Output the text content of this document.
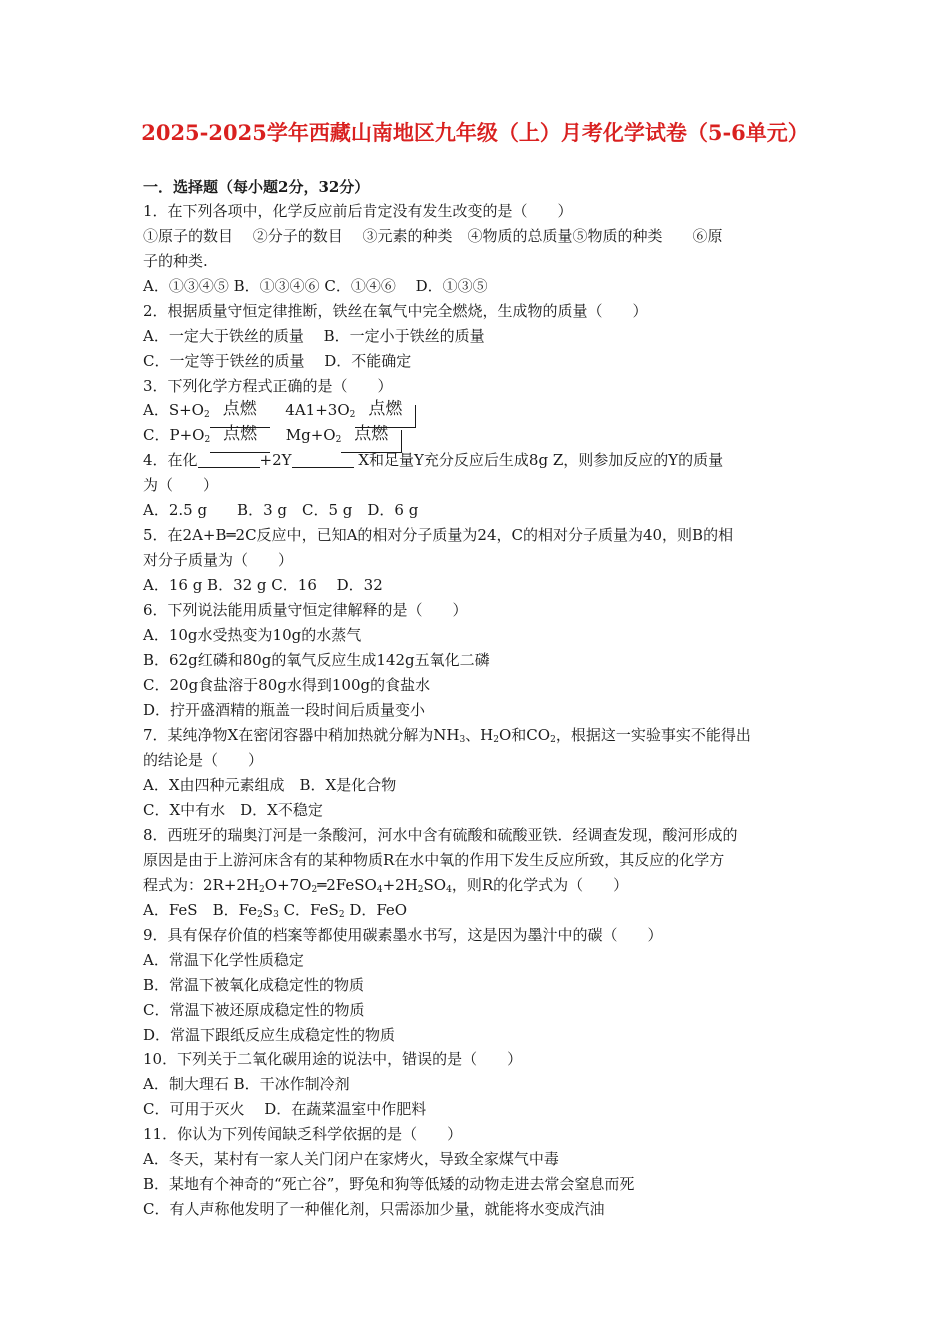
2025-2025学年西藏山南地区九年级（上）月考化学试卷（5-6单元）
一．选择题（每小题2分，32分）
1．在下列各项中，化学反应前后肯定没有发生改变的是（　　）
①原子的数目　 ②分子的数目　 ③元素的种类　④物质的总质量⑤物质的种类　　⑥原
子的种类.
A．①③④⑤ B．①③④⑥ C．①④⑥　 D．①③⑤
2．根据质量守恒定律推断，铁丝在氧气中完全燃烧，生成物的质量（　　）
A．一定大于铁丝的质量　 B．一定小于铁丝的质量
C．一定等于铁丝的质量　 D．不能确定
3．下列化学方程式正确的是（　　）
A．$S+O_2$ 点燃 $4A1+3O_2$ 点燃
C．$P+O_2$ 点燃 $Mg+O_2$ 点燃
4．在化	+2Y	X和足量Y充分反应后生成8g Z，则参加反应的Y的质量
为（　　）
A．2.5 g　　B．3 g　C．5 g　D．6 g
5．在2A+B═2C反应中，已知A的相对分子质量为24，C的相对分子质量为40，则B的相
对分子质量为（　　）
A．16 g B．32 g C．16　 D．32
6．下列说法能用质量守恒定律解释的是（　　）
A．10g水受热变为10g的水蒸气
B．62g红磷和80g的氧气反应生成142g五氧化二磷
C．20g食盐溶于80g水得到100g的食盐水
D．拧开盛酒精的瓶盖一段时间后质量变小
7．某纯净物X在密闭容器中稍加热就分解为$NH_3$、$H_2O$和$CO_2$，根据这一实验事实不能得出
的结论是（　　）
A．X由四种元素组成　B．X是化合物
C．X中有水　D．X不稳定
8．西班牙的瑞奥汀河是一条酸河，河水中含有硫酸和硫酸亚铁．经调查发现，酸河形成的
原因是由于上游河床含有的某种物质R在水中氧的作用下发生反应所致，其反应的化学方
程式为：$2R+2H_2O+7O_2═2FeSO_4+2H_2SO_4$，则R的化学式为（　　）
A．FeS　B．$Fe_2S_3$ C．FeS$_2$ D．FeO
9．具有保存价值的档案等都使用碳素墨水书写，这是因为墨汁中的碳（　　）
A．常温下化学性质稳定
B．常温下被氧化成稳定性的物质
C．常温下被还原成稳定性的物质
D．常温下跟纸反应生成稳定性的物质
10．下列关于二氧化碳用途的说法中，错误的是（　　）
A．制大理石 B．干冰作制冷剂
C．可用于灭火　 D．在蔬菜温室中作肥料
11．你认为下列传闻缺乏科学依据的是（　　）
A．冬天，某村有一家人关门闭户在家烤火，导致全家煤气中毒
B．某地有个神奇的“死亡谷”，野兔和狗等低矮的动物走进去常会窒息而死
C．有人声称他发明了一种催化剂，只需添加少量，就能将水变成汽油
